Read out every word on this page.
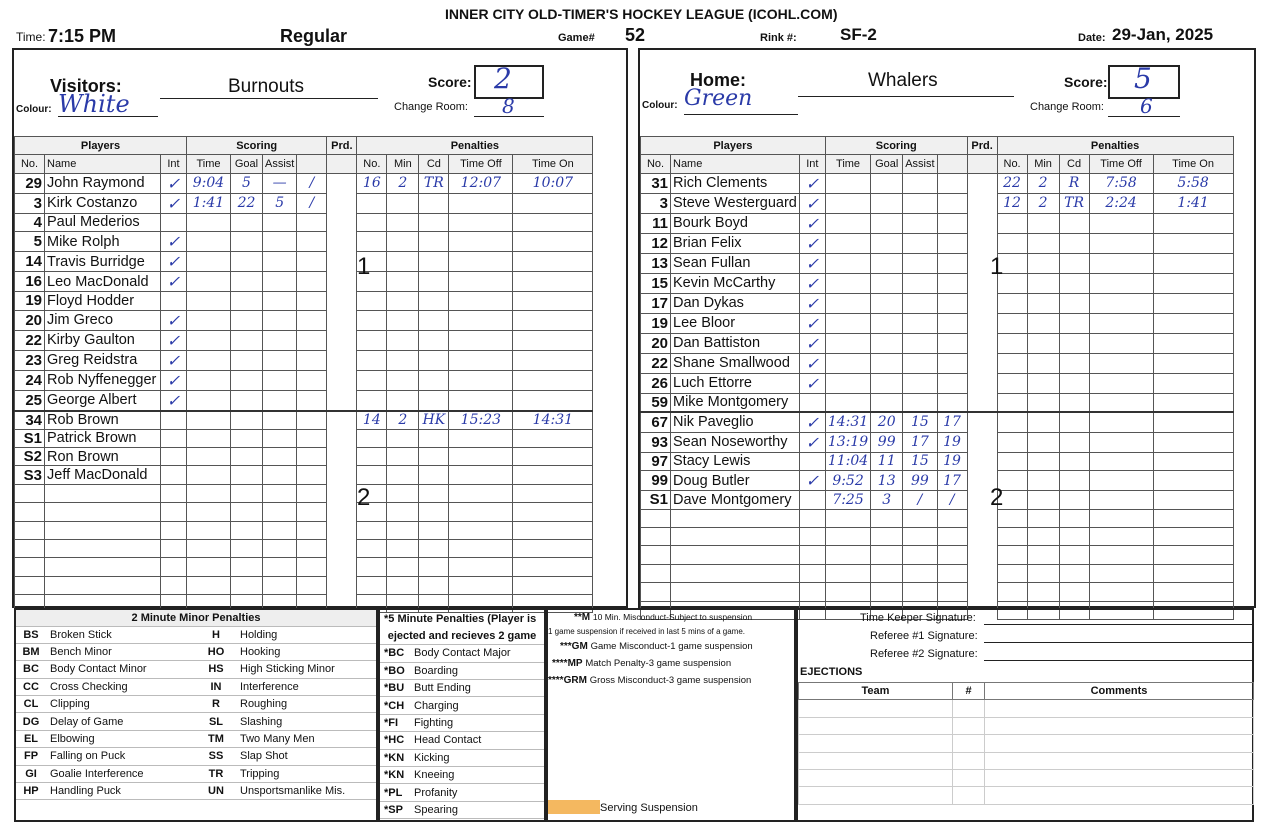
INNER CITY OLD-TIMER'S HOCKEY LEAGUE (ICOHL.COM)
Time: 7:15 PM	Regular	Game# 52	Rink #:	SF-2	Date: 29-Jan, 2025
Visitors:	Burnouts
Colour: White
Score: 2
Change Room: 8
Players			Scoring				Prd.	Penalties				
No.	Name	Int	Time	Goal	Assist			No.	Min	Cd	Time Off	Time On
29	John Raymond	✓	9:04	5	—	/		16	2	TR	12:07	10:07
3	Kirk Costanzo	✓	1:41	22	5	/						
4	Paul Mederios											
5	Mike Rolph	✓										
14	Travis Burridge	✓										
16	Leo MacDonald	✓										
19	Floyd Hodder											
20	Jim Greco	✓										
22	Kirby Gaulton	✓										
23	Greg Reidstra	✓										
24	Rob Nyffenegger	✓										
25	George Albert	✓										
34	Rob Brown							14	2	HK	15:23	14:31
S1	Patrick Brown											
S2	Ron Brown											
S3	Jeff MacDonald											

1
2
Home:	Whalers
Colour: Green
Score: 5
Change Room: 6
Players			Scoring				Prd.	Penalties				
No.	Name	Int	Time	Goal	Assist			No.	Min	Cd	Time Off	Time On
31	Rich Clements	✓						22	2	R	7:58	5:58
3	Steve Westerguard	✓						12	2	TR	2:24	1:41
11	Bourk Boyd	✓										
12	Brian Felix	✓										
13	Sean Fullan	✓										
15	Kevin McCarthy	✓										
17	Dan Dykas	✓										
19	Lee Bloor	✓										
20	Dan Battiston	✓										
22	Shane Smallwood	✓										
26	Luch Ettorre	✓										
59	Mike Montgomery											
67	Nik Paveglio	✓	14:31	20	15	17						
93	Sean Noseworthy	✓	13:19	99	17	19						
97	Stacy Lewis		11:04	11	15	19						
99	Doug Butler	✓	9:52	13	99	17						
S1	Dave Montgomery		7:25	3	/	/						

1
2
2 Minute Minor Penalties			
BS	Broken Stick	H	Holding
BM	Bench Minor	HO	Hooking
BC	Body Contact Minor	HS	High Sticking Minor
CC	Cross Checking	IN	Interference
CL	Clipping	R	Roughing
DG	Delay of Game	SL	Slashing
EL	Elbowing	TM	Two Many Men
FP	Falling on Puck	SS	Slap Shot
GI	Goalie Interference	TR	Tripping
HP	Handling Puck	UN	Unsportsmanlike Mis.
*5 Minute Penalties (Player is	
ejected and recieves 2 game	
*BC	Body Contact Major
*BO	Boarding
*BU	Butt Ending
*CH	Charging
*FI	Fighting
*HC	Head Contact
*KN	Kicking
*KN	Kneeing
*PL	Profanity
*SP	Spearing
**M 10 Min. Misconduct-Subject to suspension
1 game suspension if received in last 5 mins of a game.
***GM Game Misconduct-1 game suspension
****MP Match Penalty-3 game suspension
****GRM Gross Misconduct-3 game suspension
Serving Suspension
Time Keeper Signature:
Referee #1 Signature:
Referee #2 Signature:
EJECTIONS
Team	#	Comments
